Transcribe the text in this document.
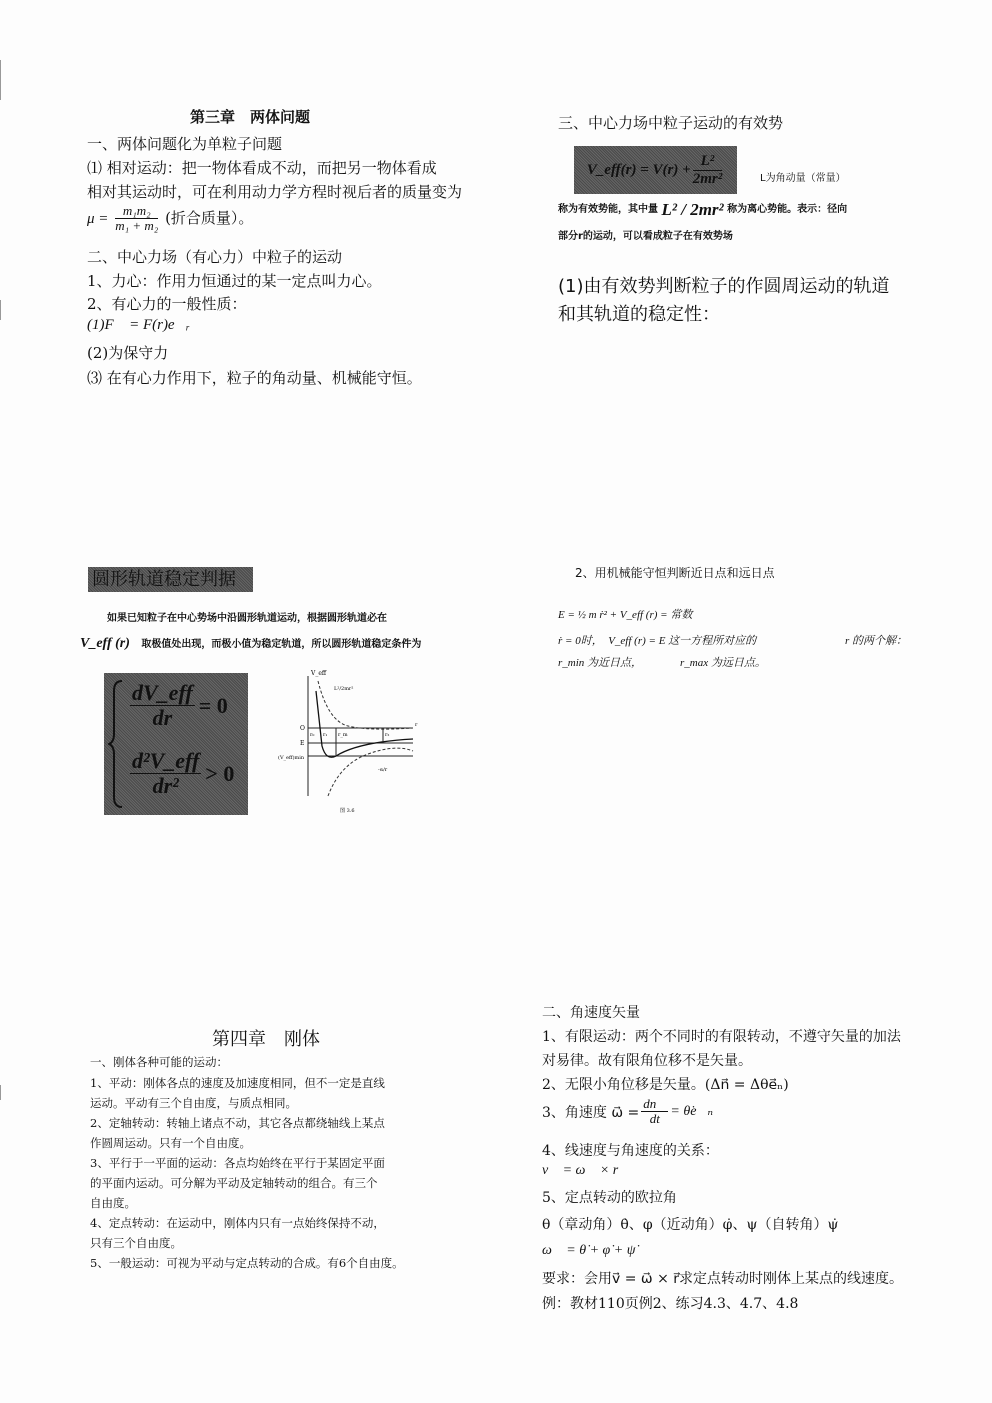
第三章　两体问题
一、两体问题化为单粒子问题
⑴ 相对运动：把一物体看成不动，而把另一物体看成
相对其运动时，可在利用动力学方程时视后者的质量变为
$\mu = \frac{\text{m₁m₂}}{\text{m₁ + m₂}}$ (折合质量）。
二、中心力场（有心力）中粒子的运动
1、力心：作用力恒通过的某一定点叫力心。
2、有心力的一般性质：
(1)F⃗ = F(r)e⃗ᵣ
(2)为保守力
⑶ 在有心力作用下，粒子的角动量、机械能守恒。
三、中心力场中粒子运动的有效势
V_eff(r) = $V(r) + \frac{\text{L²}}{\text{2mr²}}$	L为角动量（常量）
称为有效势能，其中量 L² / 2mr² 称为离心势能。表示：径向
部分r的运动，可以看成粒子在有效势场
(1)由有效势判断粒子的作圆周运动的轨道
和其轨道的稳定性：
圆形轨道稳定判据
如果已知粒子在中心势场中沿圆形轨道运动，根据圆形轨道必在
V_eff (r) 取极值处出现，而极小值为稳定轨道，所以圆形轨道稳定条件为
$\frac{\text{dV\_eff}}{dr} = 0$
$\frac{\text{d²V\_eff}}{\text{dr²}} > 0$
V_eff
L²/2mr²
-α/r
O
E
(V_eff)min
r₀ r₁ r_m	r₂
r
图 3.6
2、用机械能守恒判断近日点和远日点
E = ½ m ṙ² + V_eff (r) = 常数
ṙ = 0时，　V_eff (r) = E 这一方程所对应的	r 的两个解：
r_min 为近日点，	r_max 为远日点。
第四章　刚体
一、刚体各种可能的运动：
1、平动：刚体各点的速度及加速度相同，但不一定是直线
运动。平动有三个自由度，与质点相同。
2、定轴转动：转轴上诸点不动，其它各点都绕轴线上某点
作圆周运动。只有一个自由度。
3、平行于一平面的运动：各点均始终在平行于某固定平面
的平面内运动。可分解为平动及定轴转动的组合。有三个
自由度。
4、定点转动：在运动中，刚体内只有一点始终保持不动，
只有三个自由度。
5、一般运动：可视为平动与定点转动的合成。有6个自由度。
二、角速度矢量
1、有限运动：两个不同时的有限转动，不遵守矢量的加法
对易律。故有限角位移不是矢量。
2、无限小角位移是矢量。(Δn⃗ = Δθe⃗ₙ)
3、角速度 ω⃗ = $\frac{dn⃗}{dt}$ = θ̇e⃗ₙ
4、线速度与角速度的关系：
v⃗ = ω⃗ × r⃗
5、定点转动的欧拉角
θ（章动角）θ̇、φ（近动角）φ̇、ψ（自转角）ψ̇
ω⃗ = θ̇ + φ̇ + ψ̇
要求：会用v⃗ = ω⃗ × r⃗求定点转动时刚体上某点的线速度。
例：教材110页例2、练习4.3、4.7、4.8
